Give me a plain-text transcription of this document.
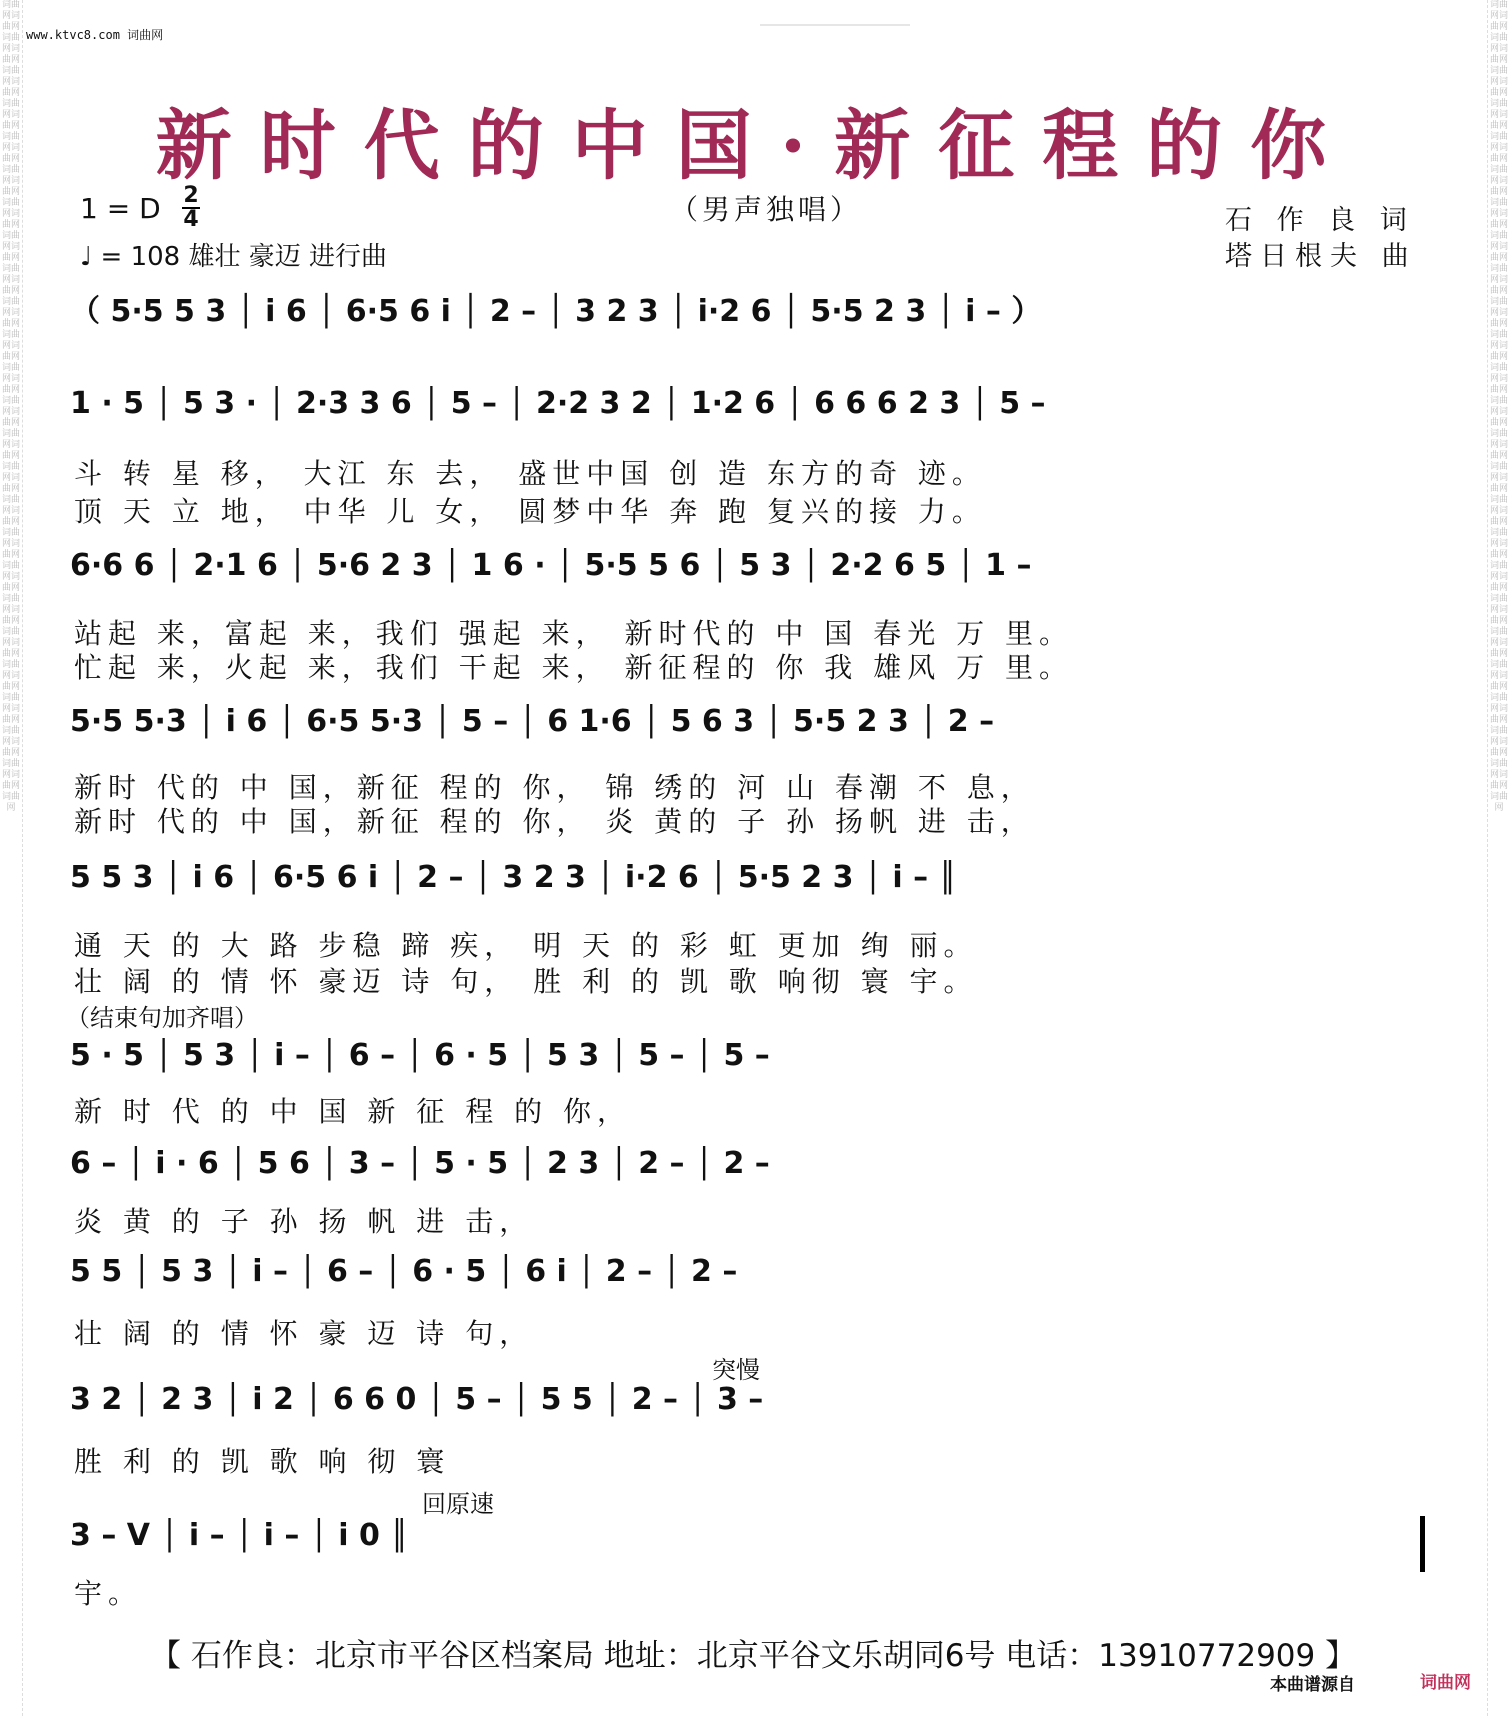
词曲网词曲网词曲网词曲网词曲网词曲网词曲网词曲网词曲网词曲网词曲网词曲网词曲网词曲网词曲网词曲网词曲网词曲网词曲网词曲网词曲网词曲网词曲网词曲网词曲网词曲网词曲网词曲网词曲网词曲网词曲网词曲网词曲网词曲网词曲网词曲网词曲网词曲网词曲网词曲网词曲网词曲网词曲网词曲网词曲网词曲网词曲网词曲网词曲网
词曲网词曲网词曲网词曲网词曲网词曲网词曲网词曲网词曲网词曲网词曲网词曲网词曲网词曲网词曲网词曲网词曲网词曲网词曲网词曲网词曲网词曲网词曲网词曲网词曲网词曲网词曲网词曲网词曲网词曲网词曲网词曲网词曲网词曲网词曲网词曲网词曲网词曲网词曲网词曲网词曲网词曲网词曲网词曲网词曲网词曲网词曲网词曲网词曲网
www.ktvc8.com 词曲网
新时代的中国·新征程的你
（男声独唱）
1 = D 2
4
♩ = 108 雄壮 豪迈 进行曲
石 作 良 词
塔日根夫 曲
（ 5·5 5 3 │ i 6 │ 6·5 6 i │ 2 – │ 3 2 3 │ i·2 6 │ 5·5 2 3 │ i – ）
1 · 5 │ 5 3 · │ 2·3 3 6 │ 5 – │ 2·2 3 2 │ 1·2 6 │ 6 6 6 2 3 │ 5 –
斗 转 星 移， 大江 东 去， 盛世中国 创 造 东方的奇 迹。
顶 天 立 地， 中华 儿 女， 圆梦中华 奔 跑 复兴的接 力。
6·6 6 │ 2·1 6 │ 5·6 2 3 │ 1 6 · │ 5·5 5 6 │ 5 3 │ 2·2 6 5 │ 1 –
站起 来，富起 来，我们 强起 来， 新时代的 中 国 春光 万 里。
忙起 来，火起 来，我们 干起 来， 新征程的 你 我 雄风 万 里。
5·5 5·3 │ i 6 │ 6·5 5·3 │ 5 – │ 6 1·6 │ 5 6 3 │ 5·5 2 3 │ 2 –
新时 代的 中 国，新征 程的 你， 锦 绣的 河 山 春潮 不 息，
新时 代的 中 国，新征 程的 你， 炎 黄的 子 孙 扬帆 进 击，
5 5 3 │ i 6 │ 6·5 6 i │ 2 – │ 3 2 3 │ i·2 6 │ 5·5 2 3 │ i – ║
通 天 的 大 路 步稳 蹄 疾， 明 天 的 彩 虹 更加 绚 丽。
壮 阔 的 情 怀 豪迈 诗 句， 胜 利 的 凯 歌 响彻 寰 宇。
（结束句加齐唱）
5 · 5 │ 5 3 │ i – │ 6 – │ 6 · 5 │ 5 3 │ 5 – │ 5 –
新 时 代 的 中 国 新 征 程 的 你，
6 – │ i · 6 │ 5 6 │ 3 – │ 5 · 5 │ 2 3 │ 2 – │ 2 –
炎 黄 的 子 孙 扬 帆 进 击，
5 5 │ 5 3 │ i – │ 6 – │ 6 · 5 │ 6 i │ 2 – │ 2 –
壮 阔 的 情 怀 豪 迈 诗 句，
突慢
3 2 │ 2 3 │ i 2 │ 6 6 0 │ 5 – │ 5 5 │ 2 – │ 3 –
胜 利 的 凯 歌 响 彻 寰
回原速
3 – V │ i – │ i – │ i 0 ║
宇。
【 石作良：北京市平谷区档案局 地址：北京平谷文乐胡同6号 电话：13910772909 】
本曲谱源自	词曲网
